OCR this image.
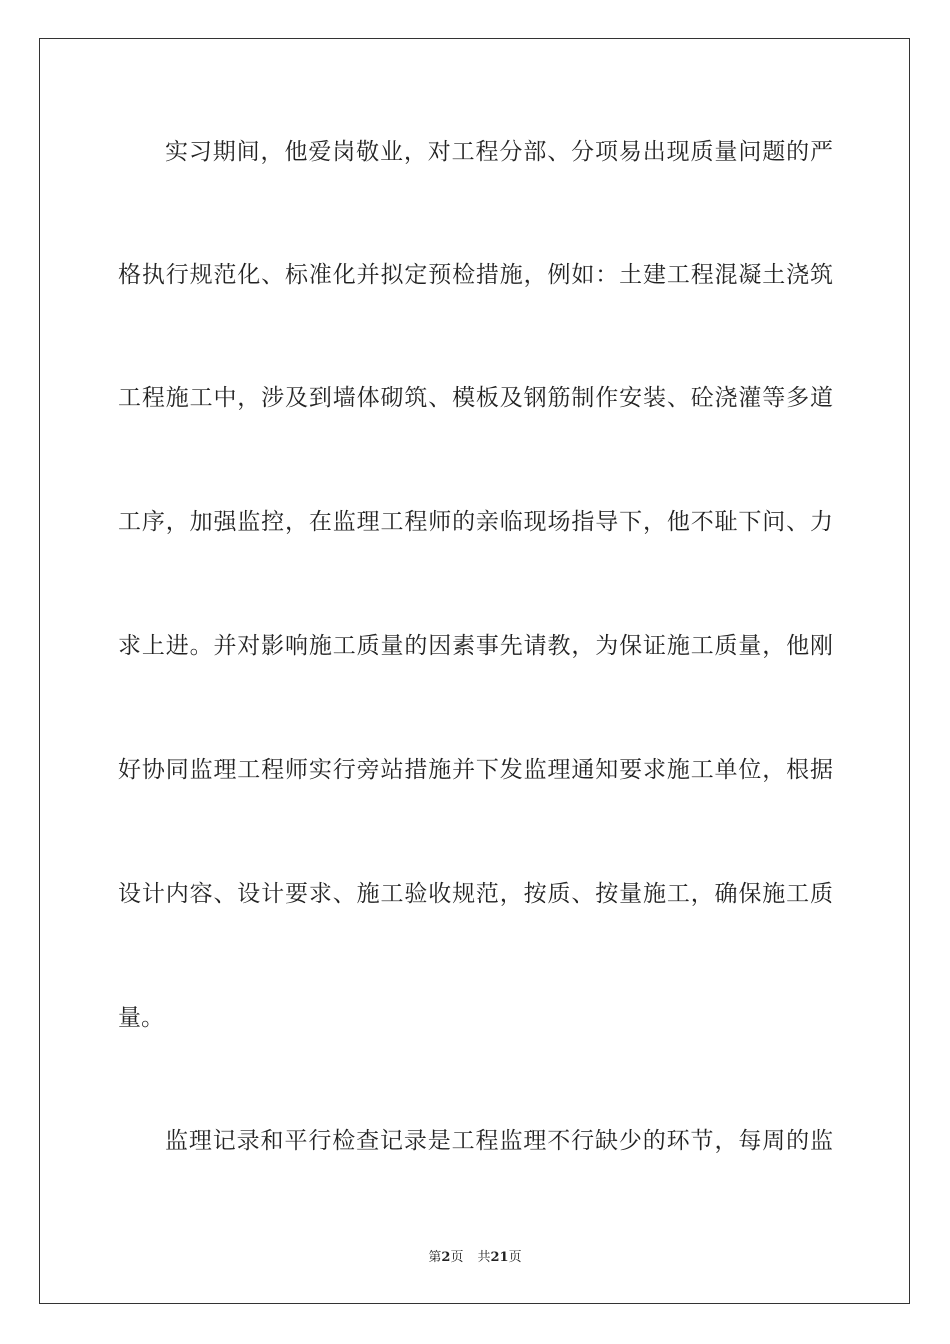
实习期间，他爱岗敬业，对工程分部、分项易出现质量问题的严
格执行规范化、标准化并拟定预检措施，例如：土建工程混凝土浇筑
工程施工中，涉及到墙体砌筑、模板及钢筋制作安装、砼浇灌等多道
工序，加强监控，在监理工程师的亲临现场指导下，他不耻下问、力
求上进。并对影响施工质量的因素事先请教，为保证施工质量，他刚
好协同监理工程师实行旁站措施并下发监理通知要求施工单位，根据
设计内容、设计要求、施工验收规范，按质、按量施工，确保施工质
量。
监理记录和平行检查记录是工程监理不行缺少的环节，每周的监
第2页 共21页
